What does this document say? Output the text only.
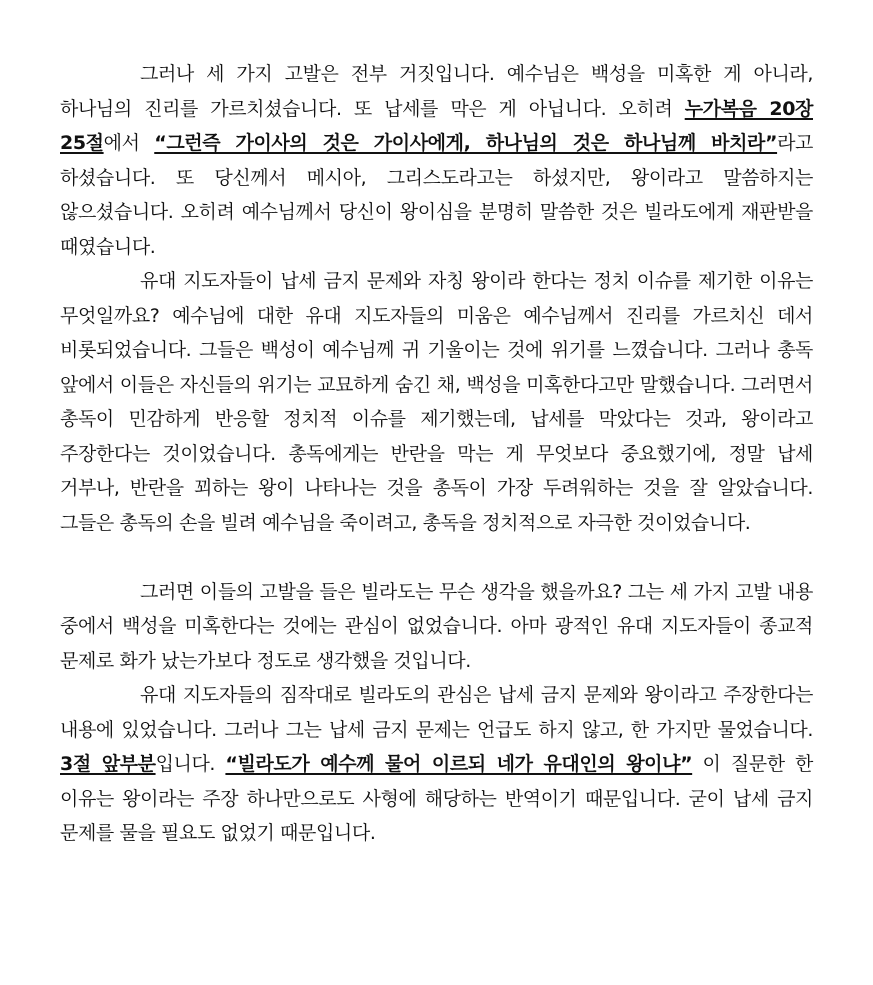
그러나 세 가지 고발은 전부 거짓입니다. 예수님은 백성을 미혹한 게 아니라, 하나님의 진리를 가르치셨습니다. 또 납세를 막은 게 아닙니다. 오히려 누가복음 20장 25절에서 “그런즉 가이사의 것은 가이사에게, 하나님의 것은 하나님께 바치라”라고 하셨습니다. 또 당신께서 메시아, 그리스도라고는 하셨지만, 왕이라고 말씀하지는 않으셨습니다. 오히려 예수님께서 당신이 왕이심을 분명히 말씀한 것은 빌라도에게 재판받을 때였습니다.

유대 지도자들이 납세 금지 문제와 자칭 왕이라 한다는 정치 이슈를 제기한 이유는 무엇일까요? 예수님에 대한 유대 지도자들의 미움은 예수님께서 진리를 가르치신 데서 비롯되었습니다. 그들은 백성이 예수님께 귀 기울이는 것에 위기를 느꼈습니다. 그러나 총독 앞에서 이들은 자신들의 위기는 교묘하게 숨긴 채, 백성을 미혹한다고만 말했습니다. 그러면서 총독이 민감하게 반응할 정치적 이슈를 제기했는데, 납세를 막았다는 것과, 왕이라고 주장한다는 것이었습니다. 총독에게는 반란을 막는 게 무엇보다 중요했기에, 정말 납세 거부나, 반란을 꾀하는 왕이 나타나는 것을 총독이 가장 두려워하는 것을 잘 알았습니다. 그들은 총독의 손을 빌려 예수님을 죽이려고, 총독을 정치적으로 자극한 것이었습니다.

그러면 이들의 고발을 들은 빌라도는 무슨 생각을 했을까요? 그는 세 가지 고발 내용 중에서 백성을 미혹한다는 것에는 관심이 없었습니다. 아마 광적인 유대 지도자들이 종교적 문제로 화가 났는가보다 정도로 생각했을 것입니다.

유대 지도자들의 짐작대로 빌라도의 관심은 납세 금지 문제와 왕이라고 주장한다는 내용에 있었습니다. 그러나 그는 납세 금지 문제는 언급도 하지 않고, 한 가지만 물었습니다. 3절 앞부분입니다. “빌라도가 예수께 물어 이르되 네가 유대인의 왕이냐” 이 질문한 한 이유는 왕이라는 주장 하나만으로도 사형에 해당하는 반역이기 때문입니다. 굳이 납세 금지 문제를 물을 필요도 없었기 때문입니다.
